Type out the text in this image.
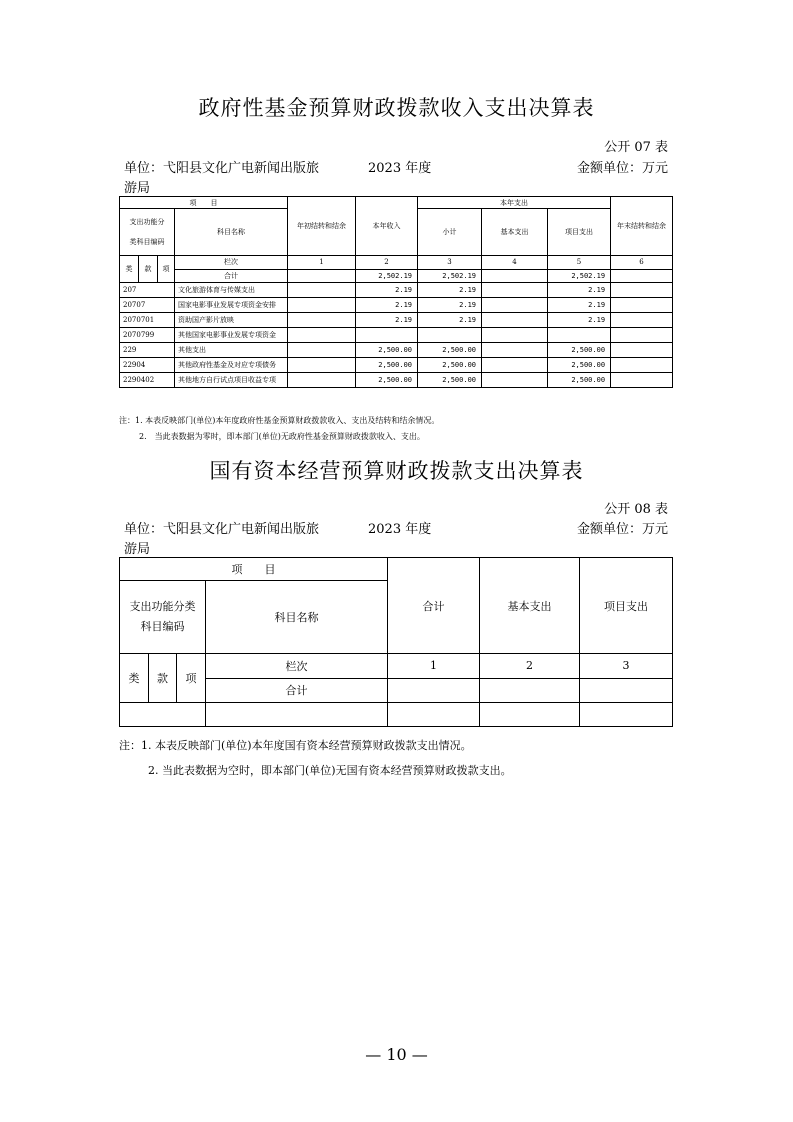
政府性基金预算财政拨款收入支出决算表
公开 07 表
单位：弋阳县文化广电新闻出版旅	2023 年度	金额单位：万元
游局
项　　目				年初结转和结余	本年收入	本年支出			年末结转和结余

支出功能分
类科目编码			科目名称			小计	基本支出	项目支出	

类	款	项	栏次	1	2	3	4	5	6
			合计		2,502.19	2,502.19		2,502.19	
207			文化旅游体育与传媒支出		2.19	2.19		2.19	
20707			国家电影事业发展专项资金安排		2.19	2.19		2.19	
2070701			资助国产影片放映		2.19	2.19		2.19	
2070799			其他国家电影事业发展专项资金						
229			其他支出		2,500.00	2,500.00		2,500.00	
22904			其他政府性基金及对应专项债务		2,500.00	2,500.00		2,500.00	
2290402			其他地方自行试点项目收益专项		2,500.00	2,500.00		2,500.00	
注：1. 本表反映部门(单位)本年度政府性基金预算财政拨款收入、支出及结转和结余情况。
2.　当此表数据为零时，即本部门(单位)无政府性基金预算财政拨款收入、支出。
国有资本经营预算财政拨款支出决算表
公开 08 表
单位：弋阳县文化广电新闻出版旅	2023 年度	金额单位：万元
游局
项　　目				合计	基本支出	项目支出

支出功能分类
科目编码			科目名称			

类	款	项	栏次	1	2	3
			合计			

注：1. 本表反映部门(单位)本年度国有资本经营预算财政拨款支出情况。
2. 当此表数据为空时，即本部门(单位)无国有资本经营预算财政拨款支出。
— 10 —
